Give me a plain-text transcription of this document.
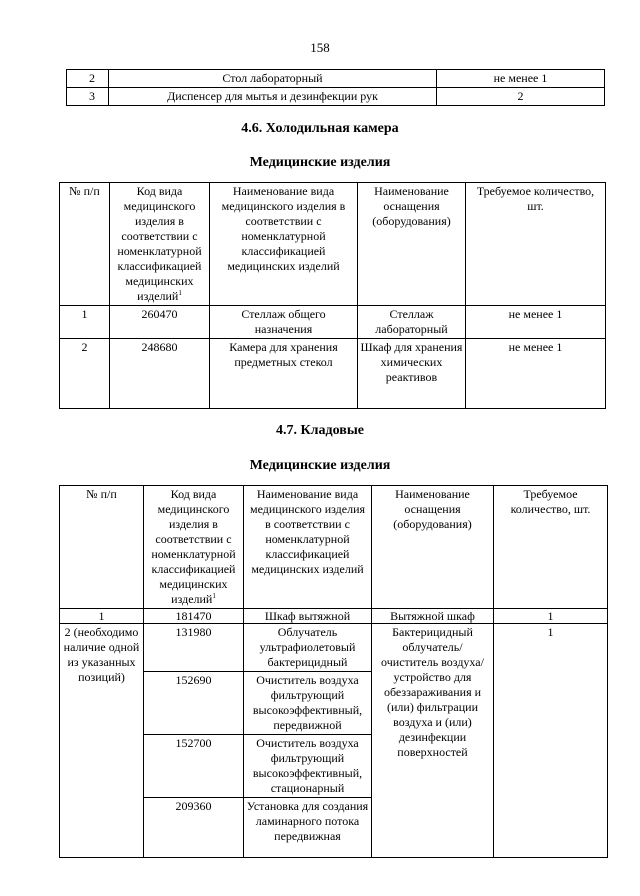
158
2	Стол лабораторный	не менее 1
3	Диспенсер для мытья и дезинфекции рук	2
4.6. Холодильная камера
Медицинские изделия
№ п/п	Код вида медицинского изделия в соответствии с номенклатурной классификацией медицинских изделий$^1$	Наименование вида медицинского изделия в соответствии с номенклатурной классификацией медицинских изделий	Наименование оснащения (оборудования)	Требуемое количество, шт.
1	260470	Стеллаж общего назначения	Стеллаж лабораторный	не менее 1
2	248680	Камера для хранения предметных стекол	Шкаф для хранения химических реактивов	не менее 1
4.7. Кладовые
Медицинские изделия
№ п/п	Код вида медицинского изделия в соответствии с номенклатурной классификацией медицинских изделий$^1$	Наименование вида медицинского изделия в соответствии с номенклатурной классификацией медицинских изделий	Наименование оснащения (оборудования)	Требуемое количество, шт.
1	181470	Шкаф вытяжной	Вытяжной шкаф	1
2 (необходимо наличие одной из указанных позиций)	131980	Облучатель ультрафиолетовый бактерицидный	Бактерицидный облучатель/ очиститель воздуха/ устройство для обеззараживания и (или) фильтрации воздуха и (или) дезинфекции поверхностей	1
	152690	Очиститель воздуха фильтрующий высокоэффективный, передвижной		
	152700	Очиститель воздуха фильтрующий высокоэффективный, стационарный		
	209360	Установка для создания ламинарного потока передвижная		
